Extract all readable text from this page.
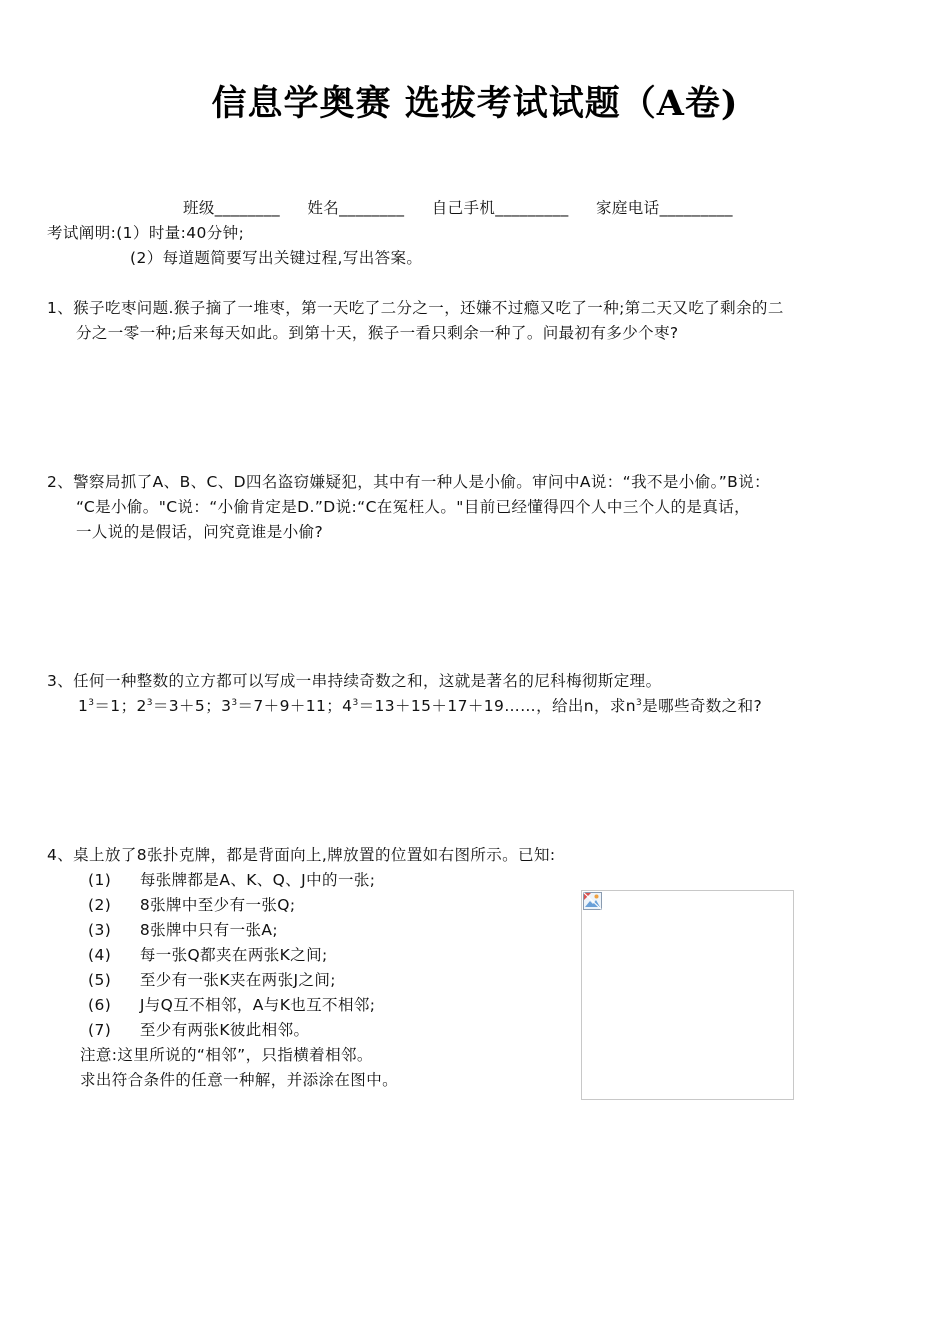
信息学奥赛 选拔考试试题（A卷)
班级________ 姓名________ 自己手机_________ 家庭电话_________
考试阐明:(1）时量:40分钟;
(2）每道题简要写出关键过程,写出答案。
1、猴子吃枣问题.猴子摘了一堆枣，第一天吃了二分之一，还嫌不过瘾又吃了一种;第二天又吃了剩余的二
分之一零一种;后来每天如此。到第十天，猴子一看只剩余一种了。问最初有多少个枣?
2、警察局抓了A、B、C、D四名盗窃嫌疑犯，其中有一种人是小偷。审问中A说：“我不是小偷。”B说：
“C是小偷。"C说：“小偷肯定是D.”D说:“C在冤枉人。"目前已经懂得四个人中三个人的是真话，
一人说的是假话，问究竟谁是小偷?
3、任何一种整数的立方都可以写成一串持续奇数之和，这就是著名的尼科梅彻斯定理。
$1^3=1$；$2^3=3+5$；$3^3=7+9+11$；$4^3=13+15+17+19\dots\dots$，给出n，求$n^3$是哪些奇数之和?
4、桌上放了8张扑克牌，都是背面向上,牌放置的位置如右图所示。已知:
(1) 每张牌都是A、K、Q、J中的一张;
(2) 8张牌中至少有一张Q;
(3) 8张牌中只有一张A;
(4) 每一张Q都夹在两张K之间;
(5) 至少有一张K夹在两张J之间;
(6) J与Q互不相邻，A与K也互不相邻;
(7) 至少有两张K彼此相邻。
注意:这里所说的“相邻”，只指横着相邻。
求出符合条件的任意一种解，并添涂在图中。
